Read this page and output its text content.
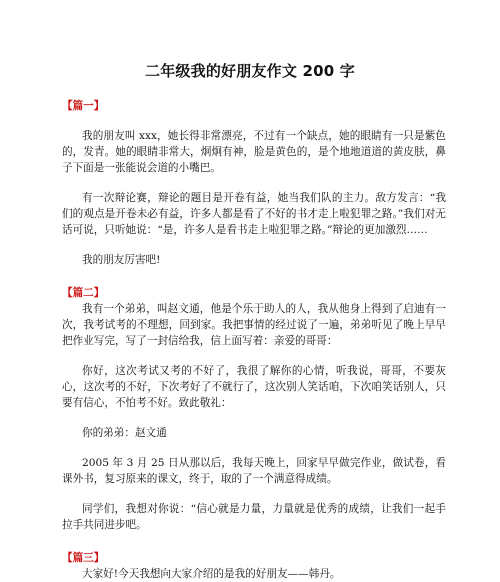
二年级我的好朋友作文 200 字

【篇一】

我的朋友叫 xxx，她长得非常漂亮，不过有一个缺点，她的眼睛有一只是紫色的，发青。她的眼睛非常大，炯炯有神，脸是黄色的，是个地地道道的黄皮肤，鼻子下面是一张能说会道的小嘴巴。

有一次辩论赛，辩论的题目是开卷有益，她当我们队的主力。敌方发言：“我们的观点是开卷未必有益，许多人都是看了不好的书才走上啦犯罪之路。”我们对无话可说，只听她说：“是，许多人是看书走上啦犯罪之路。”辩论的更加激烈……

我的朋友厉害吧!

【篇二】

我有一个弟弟，叫赵文通，他是个乐于助人的人，我从他身上得到了启迪有一次，我考试考的不理想，回到家。我把事情的经过说了一遍，弟弟听见了晚上早早把作业写完，写了一封信给我，信上面写着：亲爱的哥哥：

你好，这次考试又考的不好了，我很了解你的心情，听我说，哥哥，不要灰心，这次考的不好，下次考好了不就行了，这次别人笑话咱，下次咱笑话别人，只要有信心，不怕考不好。致此敬礼：

你的弟弟：赵文通

2005 年 3 月 25 日从那以后，我每天晚上，回家早早做完作业，做试卷，看课外书，复习原来的课文，终于，取的了一个满意得成绩。

同学们，我想对你说：“信心就是力量，力量就是优秀的成绩，让我们一起手拉手共同进步吧。

【篇三】

大家好!今天我想向大家介绍的是我的好朋友——韩丹。
